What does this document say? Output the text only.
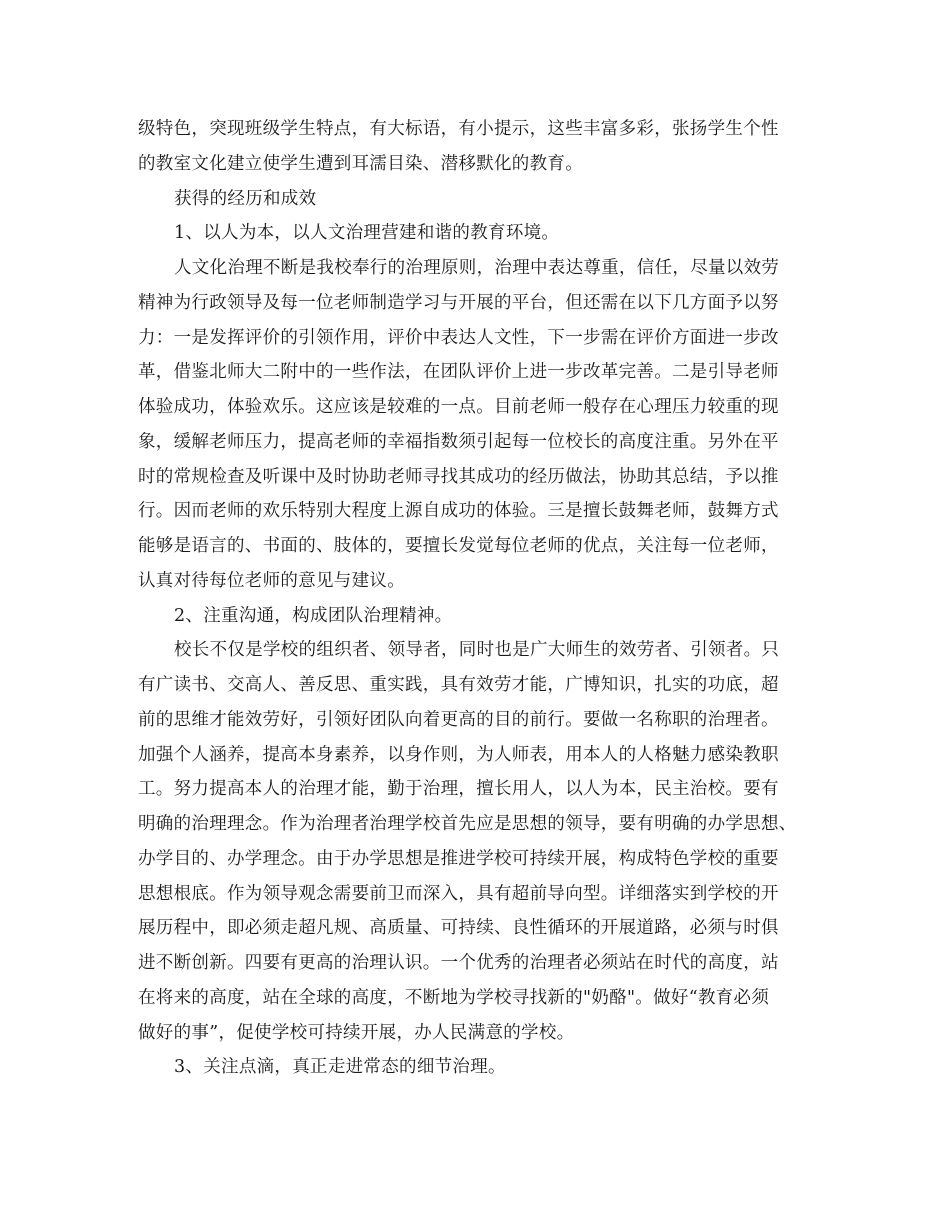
级特色，突现班级学生特点，有大标语，有小提示，这些丰富多彩，张扬学生个性
的教室文化建立使学生遭到耳濡目染、潜移默化的教育。
获得的经历和成效
1、以人为本，以人文治理营建和谐的教育环境。
人文化治理不断是我校奉行的治理原则，治理中表达尊重，信任，尽量以效劳
精神为行政领导及每一位老师制造学习与开展的平台，但还需在以下几方面予以努
力：一是发挥评价的引领作用，评价中表达人文性，下一步需在评价方面进一步改
革，借鉴北师大二附中的一些作法，在团队评价上进一步改革完善。二是引导老师
体验成功，体验欢乐。这应该是较难的一点。目前老师一般存在心理压力较重的现
象，缓解老师压力，提高老师的幸福指数须引起每一位校长的高度注重。另外在平
时的常规检查及听课中及时协助老师寻找其成功的经历做法，协助其总结，予以推
行。因而老师的欢乐特别大程度上源自成功的体验。三是擅长鼓舞老师，鼓舞方式
能够是语言的、书面的、肢体的，要擅长发觉每位老师的优点，关注每一位老师，
认真对待每位老师的意见与建议。
2、注重沟通，构成团队治理精神。
校长不仅是学校的组织者、领导者，同时也是广大师生的效劳者、引领者。只
有广读书、交高人、善反思、重实践，具有效劳才能，广博知识，扎实的功底，超
前的思维才能效劳好，引领好团队向着更高的目的前行。要做一名称职的治理者。
加强个人涵养，提高本身素养，以身作则，为人师表，用本人的人格魅力感染教职
工。努力提高本人的治理才能，勤于治理，擅长用人，以人为本，民主治校。要有
明确的治理理念。作为治理者治理学校首先应是思想的领导，要有明确的办学思想、
办学目的、办学理念。由于办学思想是推进学校可持续开展，构成特色学校的重要
思想根底。作为领导观念需要前卫而深入，具有超前导向型。详细落实到学校的开
展历程中，即必须走超凡规、高质量、可持续、良性循环的开展道路，必须与时俱
进不断创新。四要有更高的治理认识。一个优秀的治理者必须站在时代的高度，站
在将来的高度，站在全球的高度，不断地为学校寻找新的"奶酪"。做好“教育必须
做好的事”，促使学校可持续开展，办人民满意的学校。
3、关注点滴，真正走进常态的细节治理。
